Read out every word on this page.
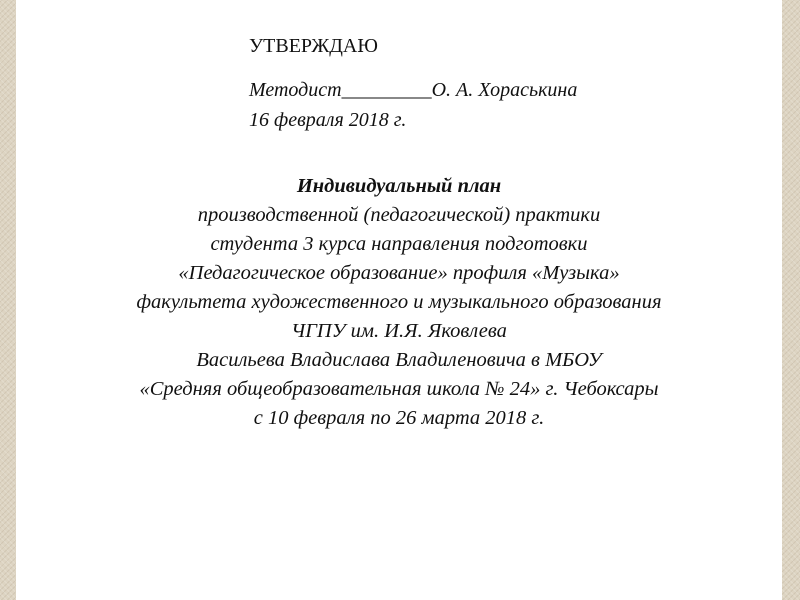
УТВЕРЖДАЮ
Методист_________О. А. Хораськина
16 февраля 2018 г.
Индивидуальный план
производственной (педагогической) практики
студента 3 курса направления подготовки
«Педагогическое образование» профиля «Музыка»
факультета художественного и музыкального образования
ЧГПУ им. И.Я. Яковлева
Васильева Владислава Владиленовича в МБОУ
«Средняя общеобразовательная школа № 24» г. Чебоксары
с 10 февраля по 26 марта 2018 г.
